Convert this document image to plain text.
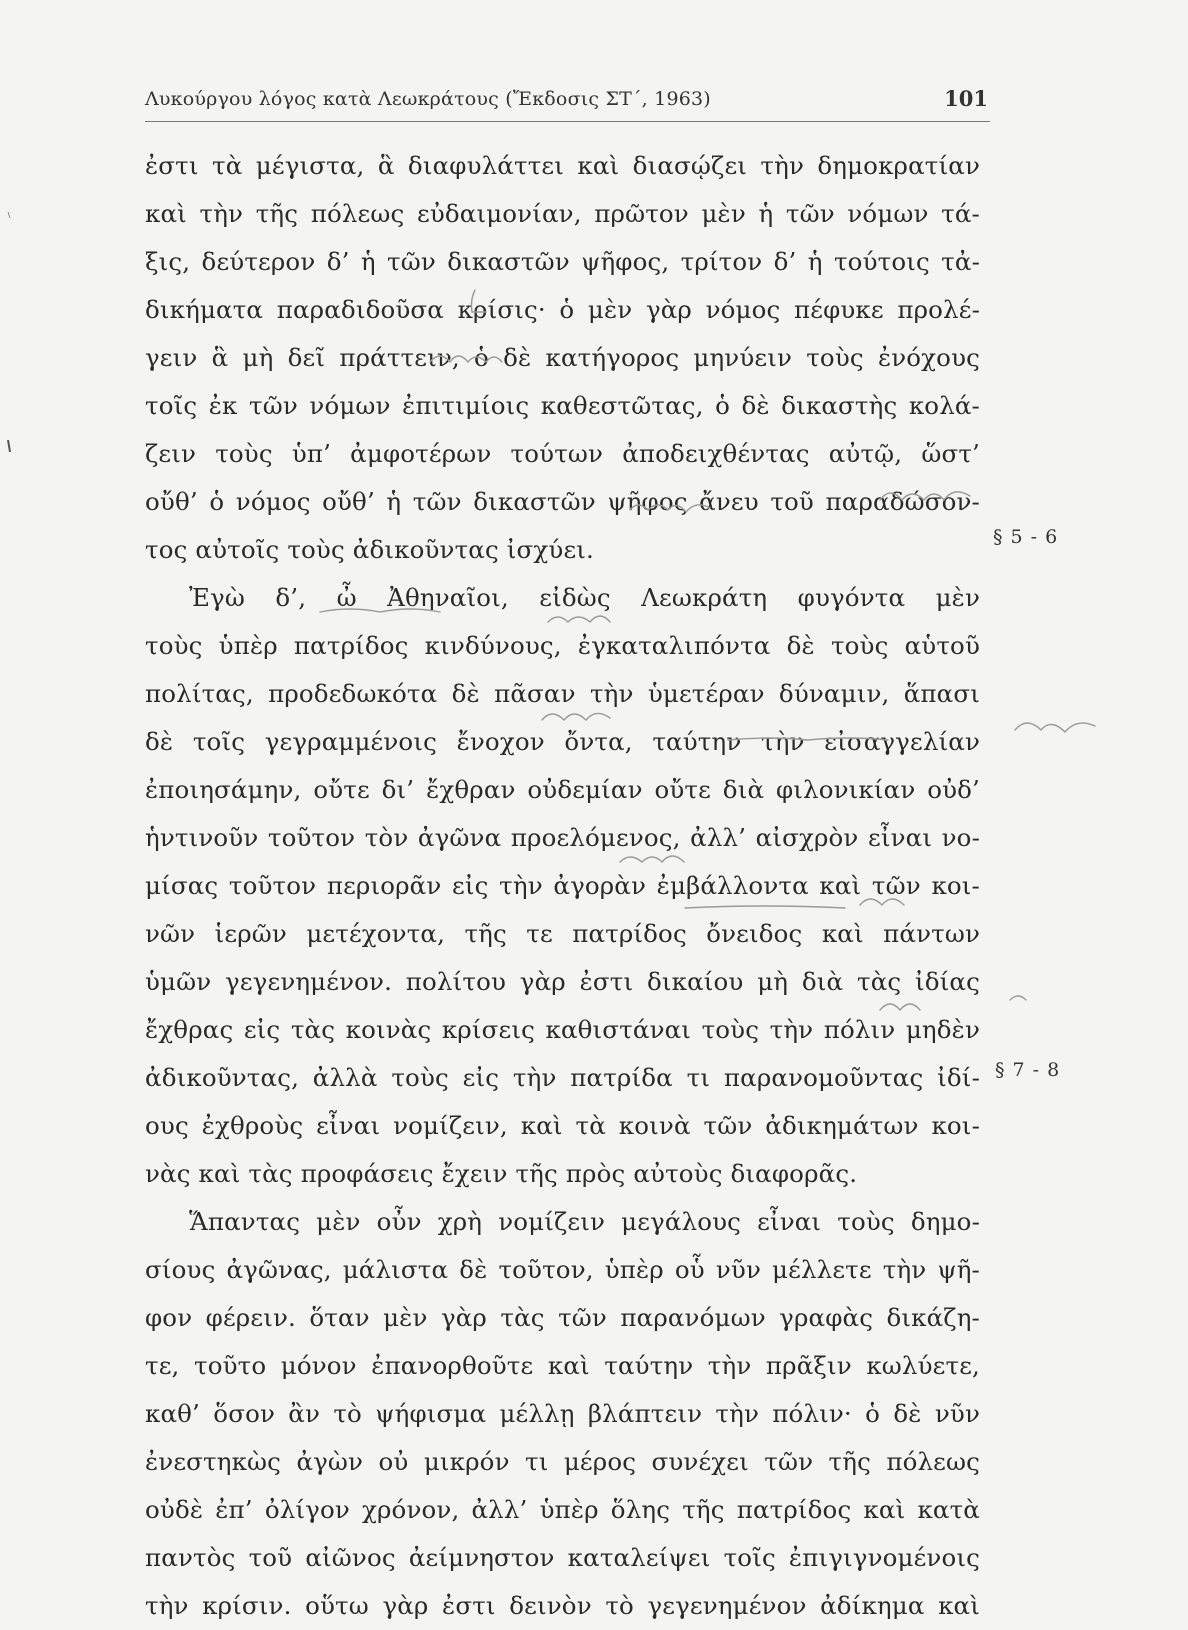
Λυκούργου λόγος κατὰ Λεωκράτους (Ἔκδοσις ΣΤ΄, 1963)	101
ἐστι τὰ μέγιστα, ἃ διαφυλάττει καὶ διασῴζει τὴν δημοκρατίαν
καὶ τὴν τῆς πόλεως εὐδαιμονίαν, πρῶτον μὲν ἡ τῶν νόμων τά-
ξις, δεύτερον δ’ ἡ τῶν δικαστῶν ψῆφος, τρίτον δ’ ἡ τούτοις τἀ-
δικήματα παραδιδοῦσα κρίσις· ὁ μὲν γὰρ νόμος πέφυκε προλέ-
γειν ἃ μὴ δεῖ πράττειν, ὁ δὲ κατήγορος μηνύειν τοὺς ἐνόχους
τοῖς ἐκ τῶν νόμων ἐπιτιμίοις καθεστῶτας, ὁ δὲ δικαστὴς κολά-
ζειν τοὺς ὑπ’ ἀμφοτέρων τούτων ἀποδειχθέντας αὐτῷ, ὥστ’
οὔθ’ ὁ νόμος οὔθ’ ἡ τῶν δικαστῶν ψῆφος ἄνευ τοῦ παραδώσον-
τος αὐτοῖς τοὺς ἀδικοῦντας ἰσχύει.
Ἐγὼ δ’, ὦ Ἀθηναῖοι, εἰδὼς Λεωκράτη φυγόντα μὲν
τοὺς ὑπὲρ πατρίδος κινδύνους, ἐγκαταλιπόντα δὲ τοὺς αὑτοῦ
πολίτας, προδεδωκότα δὲ πᾶσαν τὴν ὑμετέραν δύναμιν, ἅπασι
δὲ τοῖς γεγραμμένοις ἔνοχον ὄντα, ταύτην τὴν εἰσαγγελίαν
ἐποιησάμην, οὔτε δι’ ἔχθραν οὐδεμίαν οὔτε διὰ φιλονικίαν οὐδ’
ἡντινοῦν τοῦτον τὸν ἀγῶνα προελόμενος, ἀλλ’ αἰσχρὸν εἶναι νο-
μίσας τοῦτον περιορᾶν εἰς τὴν ἀγορὰν ἐμβάλλοντα καὶ τῶν κοι-
νῶν ἱερῶν μετέχοντα, τῆς τε πατρίδος ὄνειδος καὶ πάντων
ὑμῶν γεγενημένον. πολίτου γὰρ ἐστι δικαίου μὴ διὰ τὰς ἰδίας
ἔχθρας εἰς τὰς κοινὰς κρίσεις καθιστάναι τοὺς τὴν πόλιν μηδὲν
ἀδικοῦντας, ἀλλὰ τοὺς εἰς τὴν πατρίδα τι παρανομοῦντας ἰδί-
ους ἐχθροὺς εἶναι νομίζειν, καὶ τὰ κοινὰ τῶν ἀδικημάτων κοι-
νὰς καὶ τὰς προφάσεις ἔχειν τῆς πρὸς αὐτοὺς διαφορᾶς.
Ἅπαντας μὲν οὖν χρὴ νομίζειν μεγάλους εἶναι τοὺς δημο-
σίους ἀγῶνας, μάλιστα δὲ τοῦτον, ὑπὲρ οὗ νῦν μέλλετε τὴν ψῆ-
φον φέρειν. ὅταν μὲν γὰρ τὰς τῶν παρανόμων γραφὰς δικάζη-
τε, τοῦτο μόνον ἐπανορθοῦτε καὶ ταύτην τὴν πρᾶξιν κωλύετε,
καθ’ ὅσον ἂν τὸ ψήφισμα μέλλῃ βλάπτειν τὴν πόλιν· ὁ δὲ νῦν
ἐνεστηκὼς ἀγὼν οὐ μικρόν τι μέρος συνέχει τῶν τῆς πόλεως
οὐδὲ ἐπ’ ὀλίγον χρόνον, ἀλλ’ ὑπὲρ ὅλης τῆς πατρίδος καὶ κατὰ
παντὸς τοῦ αἰῶνος ἀείμνηστον καταλείψει τοῖς ἐπιγιγνομένοις
τὴν κρίσιν. οὕτω γὰρ ἐστι δεινὸν τὸ γεγενημένον ἀδίκημα καὶ
§ 5 - 6
§ 7 - 8
